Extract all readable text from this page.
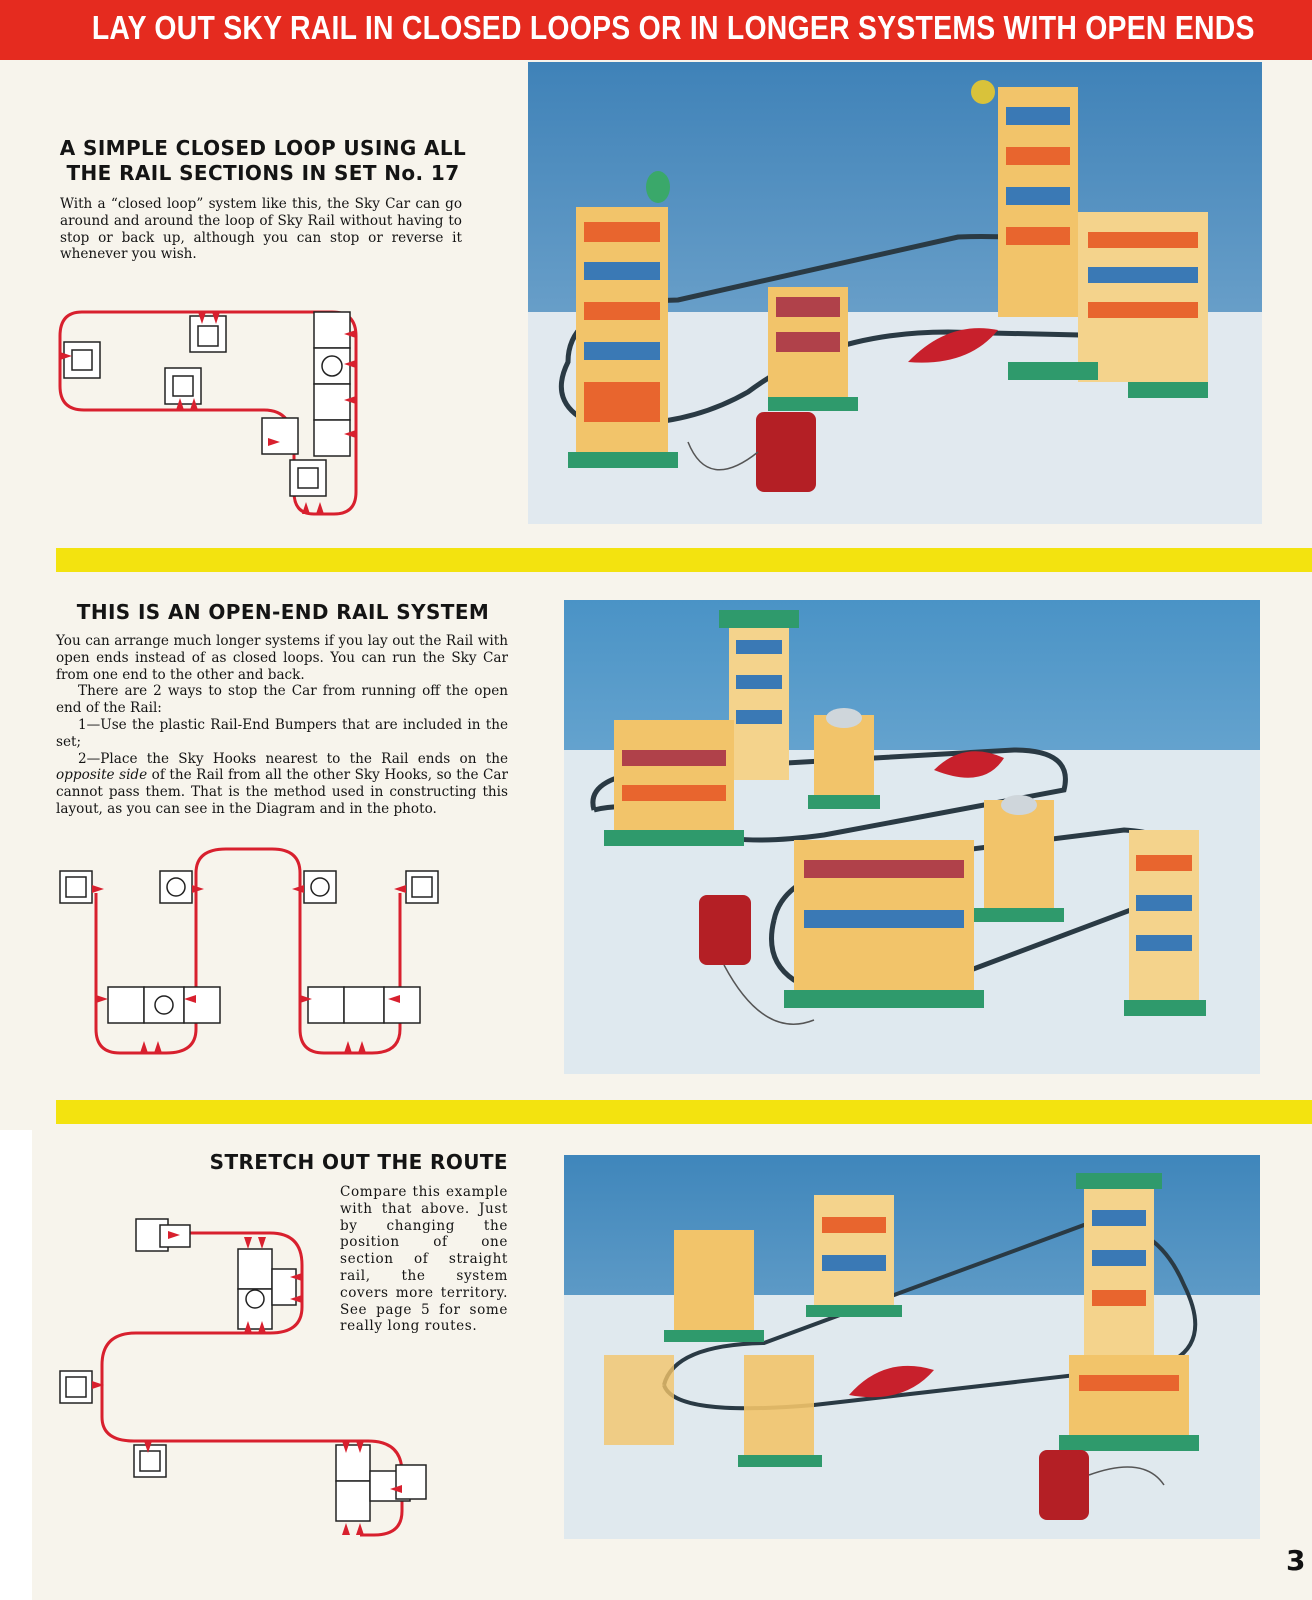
LAY OUT SKY RAIL IN CLOSED LOOPS OR IN LONGER SYSTEMS WITH OPEN ENDS
A SIMPLE CLOSED LOOP USING ALL
THE RAIL SECTIONS IN SET No. 17

With a “closed loop” system like this, the Sky Car can go around and around the loop of Sky Rail without having to stop or back up, although you can stop or reverse it whenever you wish.

THIS IS AN OPEN-END RAIL SYSTEM

You can arrange much longer systems if you lay out the Rail with open ends instead of as closed loops. You can run the Sky Car from one end to the other and back.

There are 2 ways to stop the Car from running off the open end of the Rail:

1—Use the plastic Rail-End Bumpers that are included in the set;

2—Place the Sky Hooks nearest to the Rail ends on the opposite side of the Rail from all the other Sky Hooks, so the Car cannot pass them. That is the method used in constructing this layout, as you can see in the Diagram and in the photo.

STRETCH OUT THE ROUTE

Compare this example with that above. Just by changing the position of one section of straight rail, the system covers more territory. See page 5 for some really long routes.

3
